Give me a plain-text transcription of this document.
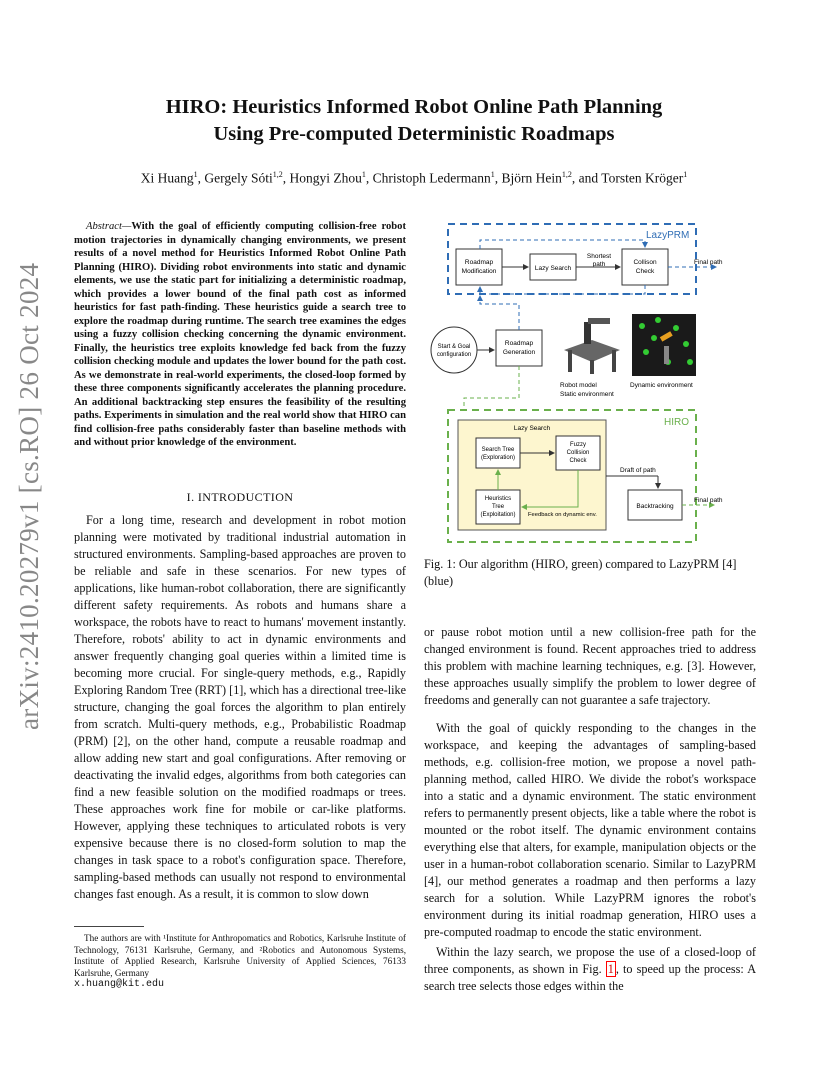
arXiv:2410.20279v1 [cs.RO] 26 Oct 2024
HIRO: Heuristics Informed Robot Online Path Planning
Using Pre-computed Deterministic Roadmaps
Xi Huang$^1$, Gergely Sóti$^{1,2}$, Hongyi Zhou$^1$, Christoph Ledermann$^1$, Björn Hein$^{1,2}$, and Torsten Kröger$^1$
Abstract—With the goal of efficiently computing collision-free robot motion trajectories in dynamically changing environments, we present results of a novel method for Heuristics Informed Robot Online Path Planning (HIRO). Dividing robot environments into static and dynamic elements, we use the static part for initializing a deterministic roadmap, which provides a lower bound of the final path cost as informed heuristics for fast path-finding. These heuristics guide a search tree to explore the roadmap during runtime. The search tree examines the edges using a fuzzy collision checking concerning the dynamic environment. Finally, the heuristics tree exploits knowledge fed back from the fuzzy collision checking module and updates the lower bound for the path cost. As we demonstrate in real-world experiments, the closed-loop formed by these three components significantly accelerates the planning procedure. An additional backtracking step ensures the feasibility of the resulting paths. Experiments in simulation and the real world show that HIRO can find collision-free paths considerably faster than baseline methods with and without prior knowledge of the environment.
I. INTRODUCTION
For a long time, research and development in robot motion planning were motivated by traditional industrial automation in structured environments. Sampling-based approaches are proven to be reliable and safe in these scenarios. For new types of applications, like human-robot collaboration, there are significantly different safety requirements. As robots and humans share a workspace, the robots have to react to humans' movement instantly. Therefore, robots' ability to act in dynamic environments and answer frequently changing goal queries within a limited time is becoming more crucial. For single-query methods, e.g., Rapidly Exploring Random Tree (RRT) [1], which has a directional tree-like structure, changing the goal forces the algorithm to plan entirely from scratch. Multi-query methods, e.g., Probabilistic Roadmap (PRM) [2], on the other hand, compute a reusable roadmap and allow adding new start and goal configurations. After removing or deactivating the invalid edges, algorithms from both categories can find a new feasible solution on the modified roadmaps or trees. These approaches work fine for mobile or car-like platforms. However, applying these techniques to articulated robots is very expensive because there is no closed-form solution to map the changes in task space to a robot's configuration space. Therefore, sampling-based methods can usually not respond to environmental changes fast enough. As a result, it is common to slow down
The authors are with ¹Institute for Anthropomatics and Robotics, Karlsruhe Institute of Technology, 76131 Karlsruhe, Germany, and ²Robotics and Autonomous Systems, Institute of Applied Research, Karlsruhe University of Applied Sciences, 76133 Karlsruhe, Germany
x.huang@kit.edu
LazyPRM
Roadmap
Modification	Lazy Search
Shortest
path	Collison
Check
Final path
Start & Goal
configuration
Roadmap
Generation
Robot model
Static environment
Dynamic environment
HIRO
Lazy Search
Search Tree
(Exploration)
Fuzzy
Collision
Check
Heuristics
Tree
(Exploitation) Feedback on dynamic env.
Draft of path
Backtracking
Final path
Fig. 1: Our algorithm (HIRO, green) compared to LazyPRM [4] (blue)
or pause robot motion until a new collision-free path for the changed environment is found. Recent approaches tried to address this problem with machine learning techniques, e.g. [3]. However, these approaches usually simplify the problem to lower degree of freedoms and generally can not guarantee a safe trajectory.
With the goal of quickly responding to the changes in the workspace, and keeping the advantages of sampling-based methods, e.g. collision-free motion, we propose a novel path-planning method, called HIRO. We divide the robot's workspace into a static and a dynamic environment. The static environment refers to permanently present objects, like a table where the robot is mounted or the robot itself. The dynamic environment contains everything else that alters, for example, manipulation objects or the user in a human-robot collaboration scenario. Similar to LazyPRM [4], our method generates a roadmap and then performs a lazy search for a solution. While LazyPRM ignores the robot's environment during its initial roadmap generation, HIRO uses a pre-computed roadmap to encode the static environment.
Within the lazy search, we propose the use of a closed-loop of three components, as shown in Fig. 1 , to speed up the process: A search tree selects those edges within the
